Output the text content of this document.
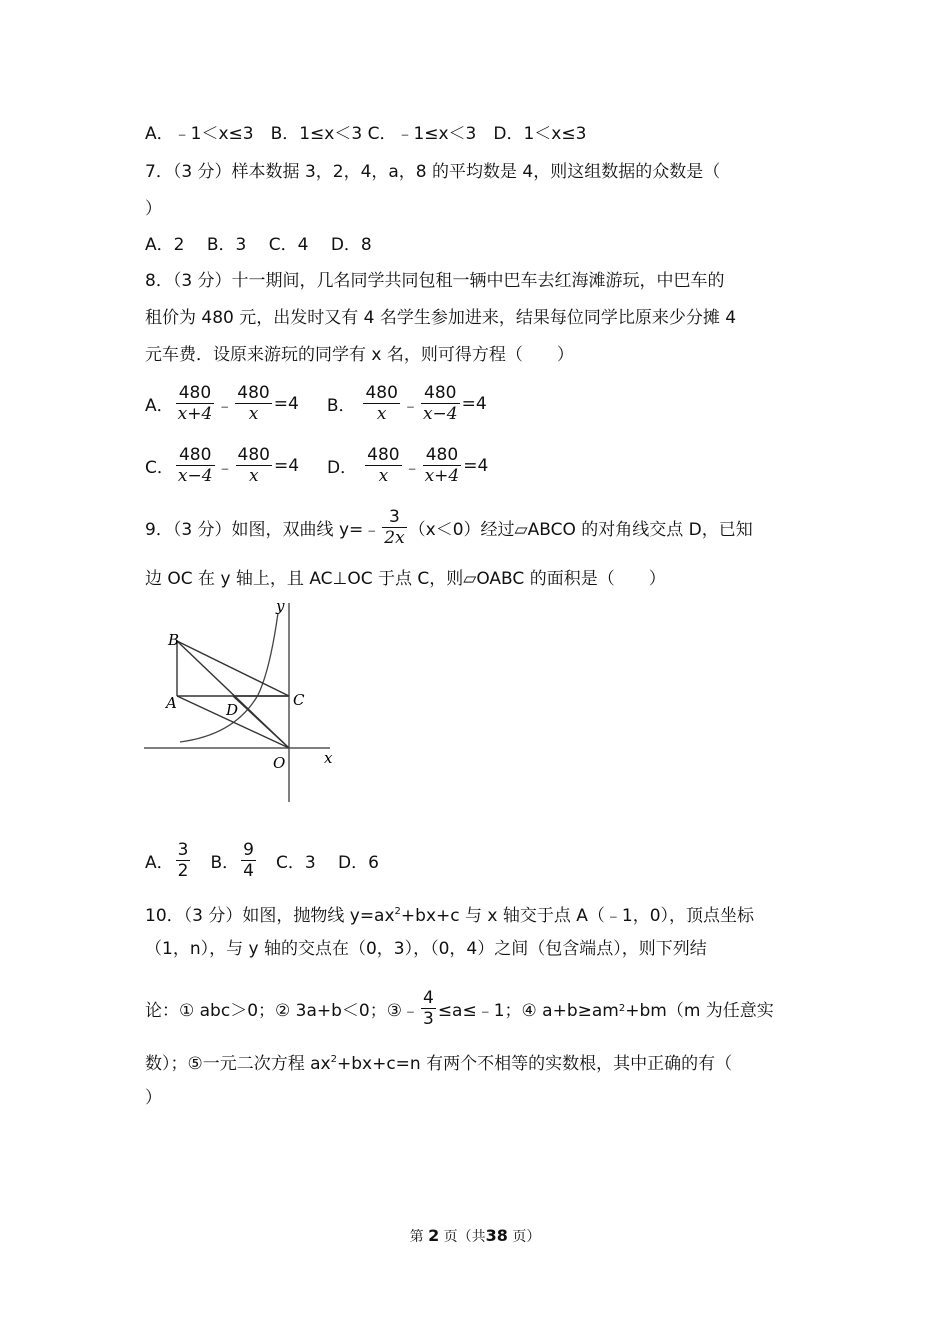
A．﹣1＜x≤3　B．1≤x＜3 C．﹣1≤x＜3　D．1＜x≤3
7．（3 分）样本数据 3，2，4，a，8 的平均数是 4，则这组数据的众数是（
）
A．2　 B．3　 C．4　 D．8
8．（3 分）十一期间，几名同学共同包租一辆中巴车去红海滩游玩，中巴车的
租价为 480 元，出发时又有 4 名学生参加进来，结果每位同学比原来少分摊 4
元车费．设原来游玩的同学有 x 名，则可得方程（　　）
A． $\frac{480}{x+4}$ ﹣ $\frac{480}{x} =4$ B． $\frac{480}{x}$ ﹣ $\frac{480}{x-4} =4$
C． $\frac{480}{x-4}$ ﹣ $\frac{480}{x} =4$ D． $\frac{480}{x}$ ﹣ $\frac{480}{x+4} =4$
9．（3 分）如图，双曲线 y=﹣ $\frac{3}{2x} (x<0)$经过▱ABCO 的对角线交点 D，已知
边 OC 在 y 轴上，且 AC⊥OC 于点 C，则▱OABC 的面积是（　　）
B
A	D
C
O	x
y
A． $\frac{3}{2}$ B． $\frac{9}{4}$ C．3　 D．6
10．（3 分）如图，抛物线 $y=ax^2+bx+c$ 与 x 轴交于点 A（﹣1，0），顶点坐标
（1，n），与 y 轴的交点在（0，3），（0，4）之间（包含端点），则下列结
论：① abc＞0；② 3a+b＜0；③﹣ $\frac{4}{3}$ ≤a≤﹣1；④ a+b≥am 2 +bm（m 为任意实
数）；⑤一元二次方程 $ax^2+bx+c=n$ 有两个不相等的实数根，其中正确的有（
）
第 2 页（共38 页）
